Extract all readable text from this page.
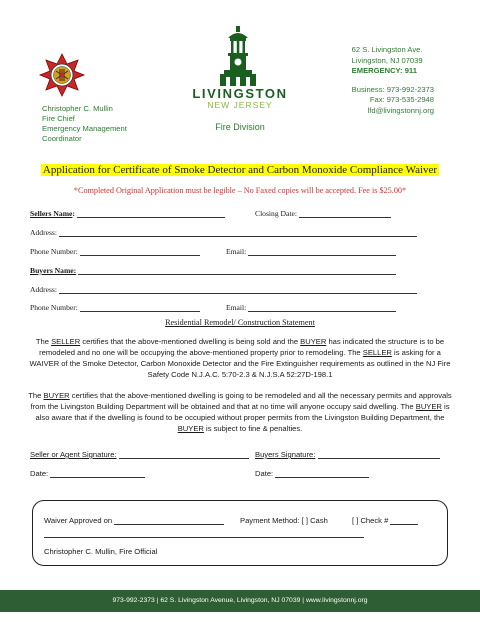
Christopher C. Mullin
Fire Chief
Emergency Management
Coordinator
LIVINGSTON
NEW JERSEY
Fire Division
62 S. Livingston Ave.
Livingston, NJ 07039
EMERGENCY: 911
Business: 973-992-2373
Fax: 973-535-2948
lfd@livingstonnj.org
Application for Certificate of Smoke Detector and Carbon Monoxide Compliance Waiver
*Completed Original Application must be legible – No Faxed copies will be accepted. Fee is $25.00*
Sellers Name:	Closing Date:
Address:
Phone Number:	Email:
Buyers Name:
Address:
Phone Number:	Email:
Residential Remodel/ Construction Statement
The SELLER certifies that the above-mentioned dwelling is being sold and the BUYER has indicated the structure is to be remodeled and no one will be occupying the above-mentioned property prior to remodeling. The SELLER is asking for a WAIVER of the Smoke Detector, Carbon Monoxide Detector and the Fire Extinguisher requirements as outlined in the NJ Fire Safety Code N.J.A.C. 5:70-2.3 & N.J.S.A 52:27D-198.1
The BUYER certifies that the above-mentioned dwelling is going to be remodeled and all the necessary permits and approvals from the Livingston Building Department will be obtained and that at no time will anyone occupy said dwelling. The BUYER is also aware that if the dwelling is found to be occupied without proper permits from the Livingston Building Department, the BUYER is subject to fine & penalties.
Seller or Agent Signature:	Buyers Signature:
Date:	Date:
Waiver Approved on	Payment Method: [ ] Cash	[ ] Check #
Christopher C. Mullin, Fire Official
973-992-2373 | 62 S. Livingston Avenue, Livingston, NJ 07039 | www.livingstonnj.org
